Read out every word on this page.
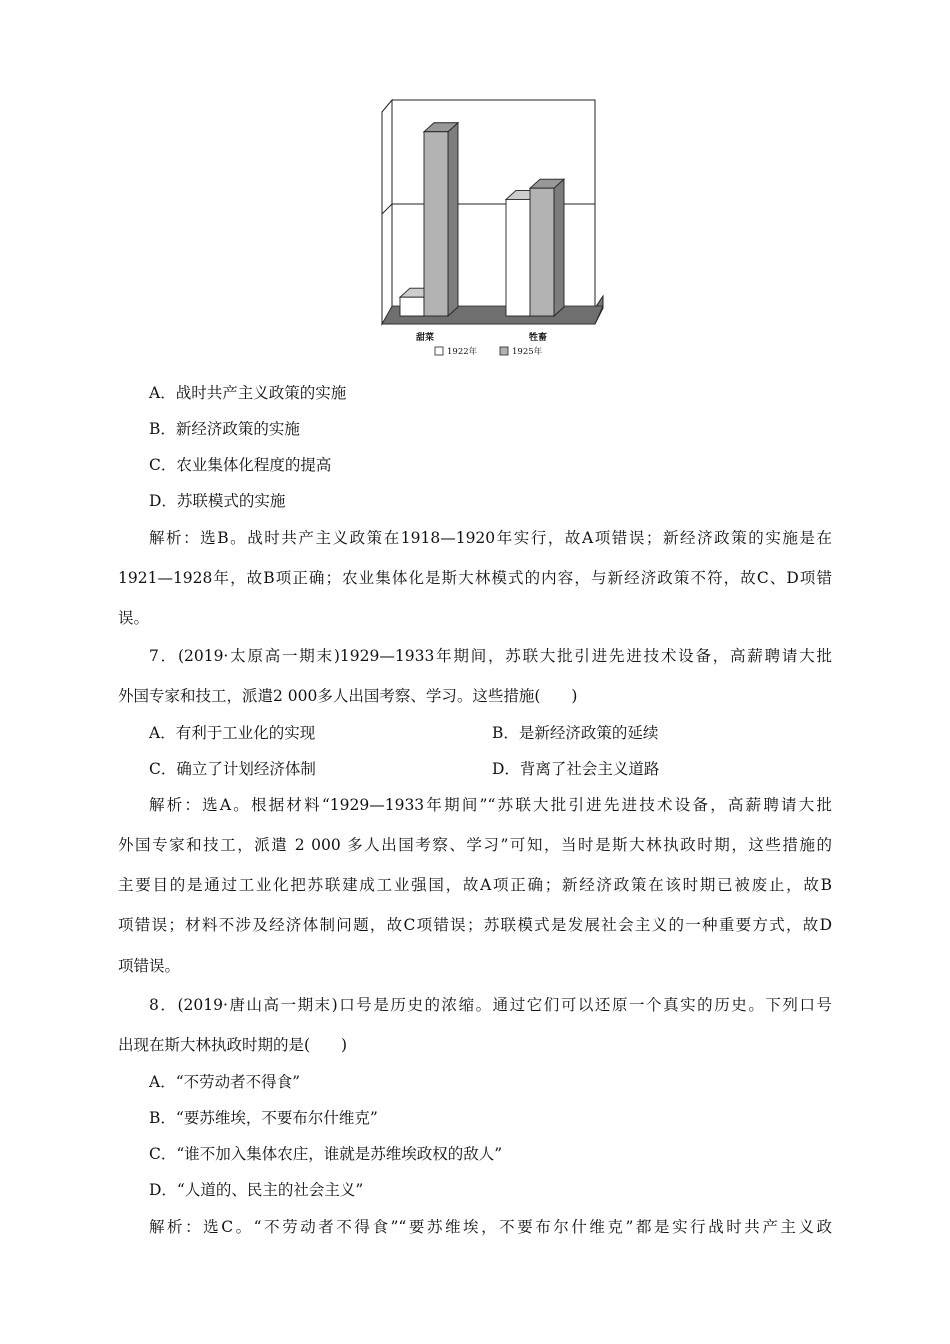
甜菜	牲畜
1922年	1925年
A．战时共产主义政策的实施
B．新经济政策的实施
C．农业集体化程度的提高
D．苏联模式的实施
解析：选B。战时共产主义政策在1918—1920年实行，故A项错误；新经济政策的实施是在
1921—1928年，故B项正确；农业集体化是斯大林模式的内容，与新经济政策不符，故C、D项错
误。
7．(2019·太原高一期末)1929—1933年期间，苏联大批引进先进技术设备，高薪聘请大批
外国专家和技工，派遣2 000多人出国考察、学习。这些措施(　　)
A．有利于工业化的实现	B．是新经济政策的延续
C．确立了计划经济体制	D．背离了社会主义道路
解析：选A。根据材料“1929—1933年期间”“苏联大批引进先进技术设备，高薪聘请大批
外国专家和技工，派遣 2 000 多人出国考察、学习”可知，当时是斯大林执政时期，这些措施的
主要目的是通过工业化把苏联建成工业强国，故A项正确；新经济政策在该时期已被废止，故B
项错误；材料不涉及经济体制问题，故C项错误；苏联模式是发展社会主义的一种重要方式，故D
项错误。
8．(2019·唐山高一期末)口号是历史的浓缩。通过它们可以还原一个真实的历史。下列口号
出现在斯大林执政时期的是(　　)
A．“不劳动者不得食”
B．“要苏维埃，不要布尔什维克”
C．“谁不加入集体农庄，谁就是苏维埃政权的敌人”
D．“人道的、民主的社会主义”
解析：选C。“不劳动者不得食”“要苏维埃，不要布尔什维克”都是实行战时共产主义政
